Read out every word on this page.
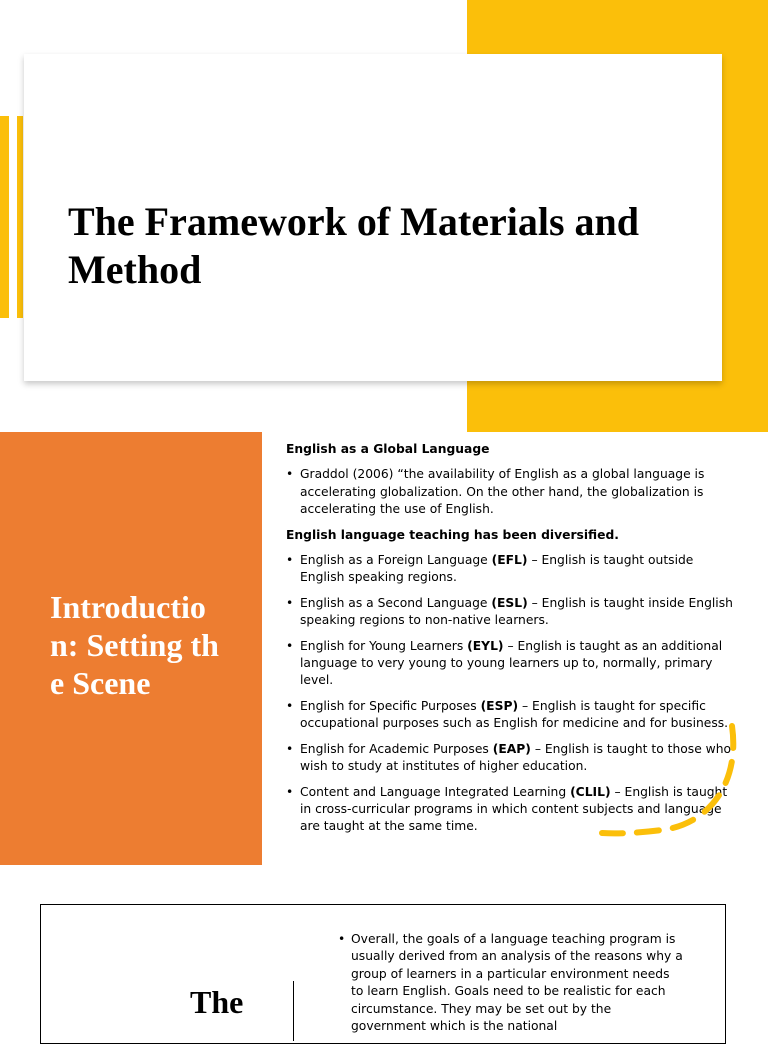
The Framework of Materials and
Method
Introduction: Setting the Scene

English as a Global Language

• Graddol (2006) “the availability of English as a global language is accelerating globalization. On the other hand, the globalization is accelerating the use of English.

English language teaching has been diversified.

• English as a Foreign Language (EFL) – English is taught outside English speaking regions.
• English as a Second Language (ESL) – English is taught inside English speaking regions to non-native learners.
• English for Young Learners (EYL) – English is taught as an additional language to very young to young learners up to, normally, primary level.
• English for Specific Purposes (ESP) – English is taught for specific occupational purposes such as English for medicine and for business.
• English for Academic Purposes (EAP) – English is taught to those who wish to study at institutes of higher education.
• Content and Language Integrated Learning (CLIL) – English is taught in cross-curricular programs in which content subjects and language are taught at the same time.
The
• Overall, the goals of a language teaching program is usually derived from an analysis of the reasons why a group of learners in a particular environment needs to learn English. Goals need to be realistic for each circumstance. They may be set out by the government which is the national
